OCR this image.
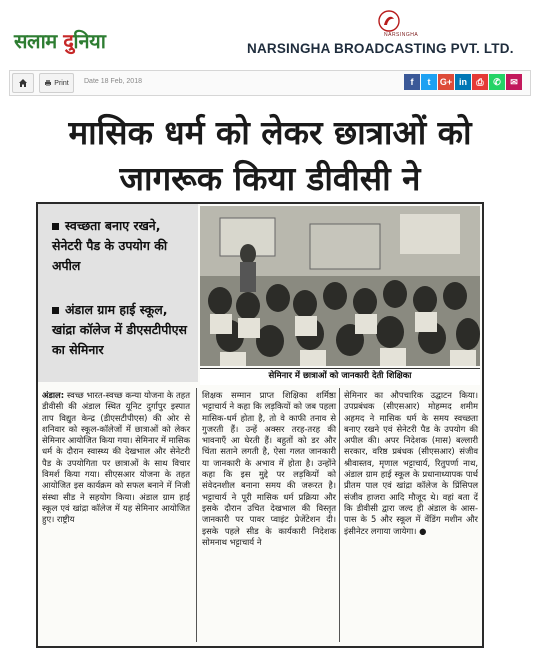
सलाम दुनिया	NARSINGHA
NARSINGHA BROADCASTING PVT. LTD.
Print Date 18 Feb, 2018	f t G+ in ⎙ ✆ ✉
मासिक धर्म को लेकर छात्राओं को जागरूक किया डीवीसी ने
स्वच्छता बनाए रखने, सेनेटरी पैड के उपयोग की अपील
अंडाल ग्राम हाई स्कूल, खांद्रा कॉलेज में डीएसटीपीएस का सेमिनार
सेमिनार में छात्राओं को जानकारी देती शिक्षिका
अंडाल: स्वच्छ भारत-स्वच्छ कन्या योजना के तहत डीवीसी की अंडाल स्थित यूनिट दुर्गापुर इस्पात ताप विद्युत केन्द्र (डीएसटीपीएस) की ओर से शनिवार को स्कूल-कॉलेजों में छात्राओं को लेकर सेमिनार आयोजित किया गया। सेमिनार में मासिक धर्म के दौरान स्वास्थ्य की देखभाल और सेनेटरी पैड के उपयोगिता पर छात्राओं के साथ विचार विमर्श किया गया। सीएसआर योजना के तहत आयोजित इस कार्यक्रम को सफल बनाने में निजी संस्था सीड ने सहयोग किया। अंडाल ग्राम हाई स्कूल एवं खांद्रा कॉलेज में यह सेमिनार आयोजित हुए। राष्ट्रीय
शिक्षक सम्मान प्राप्त शिक्षिका शर्मिष्ठा भट्टाचार्य ने कहा कि लड़कियों को जब पहला मासिक-धर्म होता है, तो वे काफी तनाव से गुजरती हैं। उन्हें अक्सर तरह-तरह की भावनाएँ आ घेरती हैं। बहुतों को डर और चिंता सताने लगती है, ऐसा गलत जानकारी या जानकारी के अभाव में होता है। उन्होंने कहा कि इस मुद्दे पर लड़कियों को संवेदनशील बनाना समय की जरूरत है। भट्टाचार्य ने पूरी मासिक धर्म प्रक्रिया और इसके दौरान उचित देखभाल की विस्तृत जानकारी पर पावर प्वाइंट प्रेजेंटेशन दी। इसके पहले सीड के कार्यकारी निदेशक सोमनाथ भट्टाचार्य ने
सेमिनार का औपचारिक उद्घाटन किया। उपप्रबंधक (सीएसआर) मोहम्मद शमीम अहमद ने मासिक धर्म के समय स्वच्छता बनाए रखने एवं सेनेटरी पैड के उपयोग की अपील की। अपर निदेशक (मास) बल्लारी सरकार, वरिष्ठ प्रबंधक (सीएसआर) संजीव श्रीवास्तव, मृणाल भट्टाचार्य, रितुपर्णा नाथ, अंडाल ग्राम हाई स्कूल के प्रधानाध्यापक पार्थ प्रीतम पाल एवं खांद्रा कॉलेज के प्रिंसिपल संजीव हाजरा आदि मौजूद थे। वहां बता दें कि डीवीसी द्वारा जल्द ही अंडाल के आस-पास के 5 और स्कूल में वेंडिंग मशीन और इंसीनेटर लगाया जायेगा। ●
